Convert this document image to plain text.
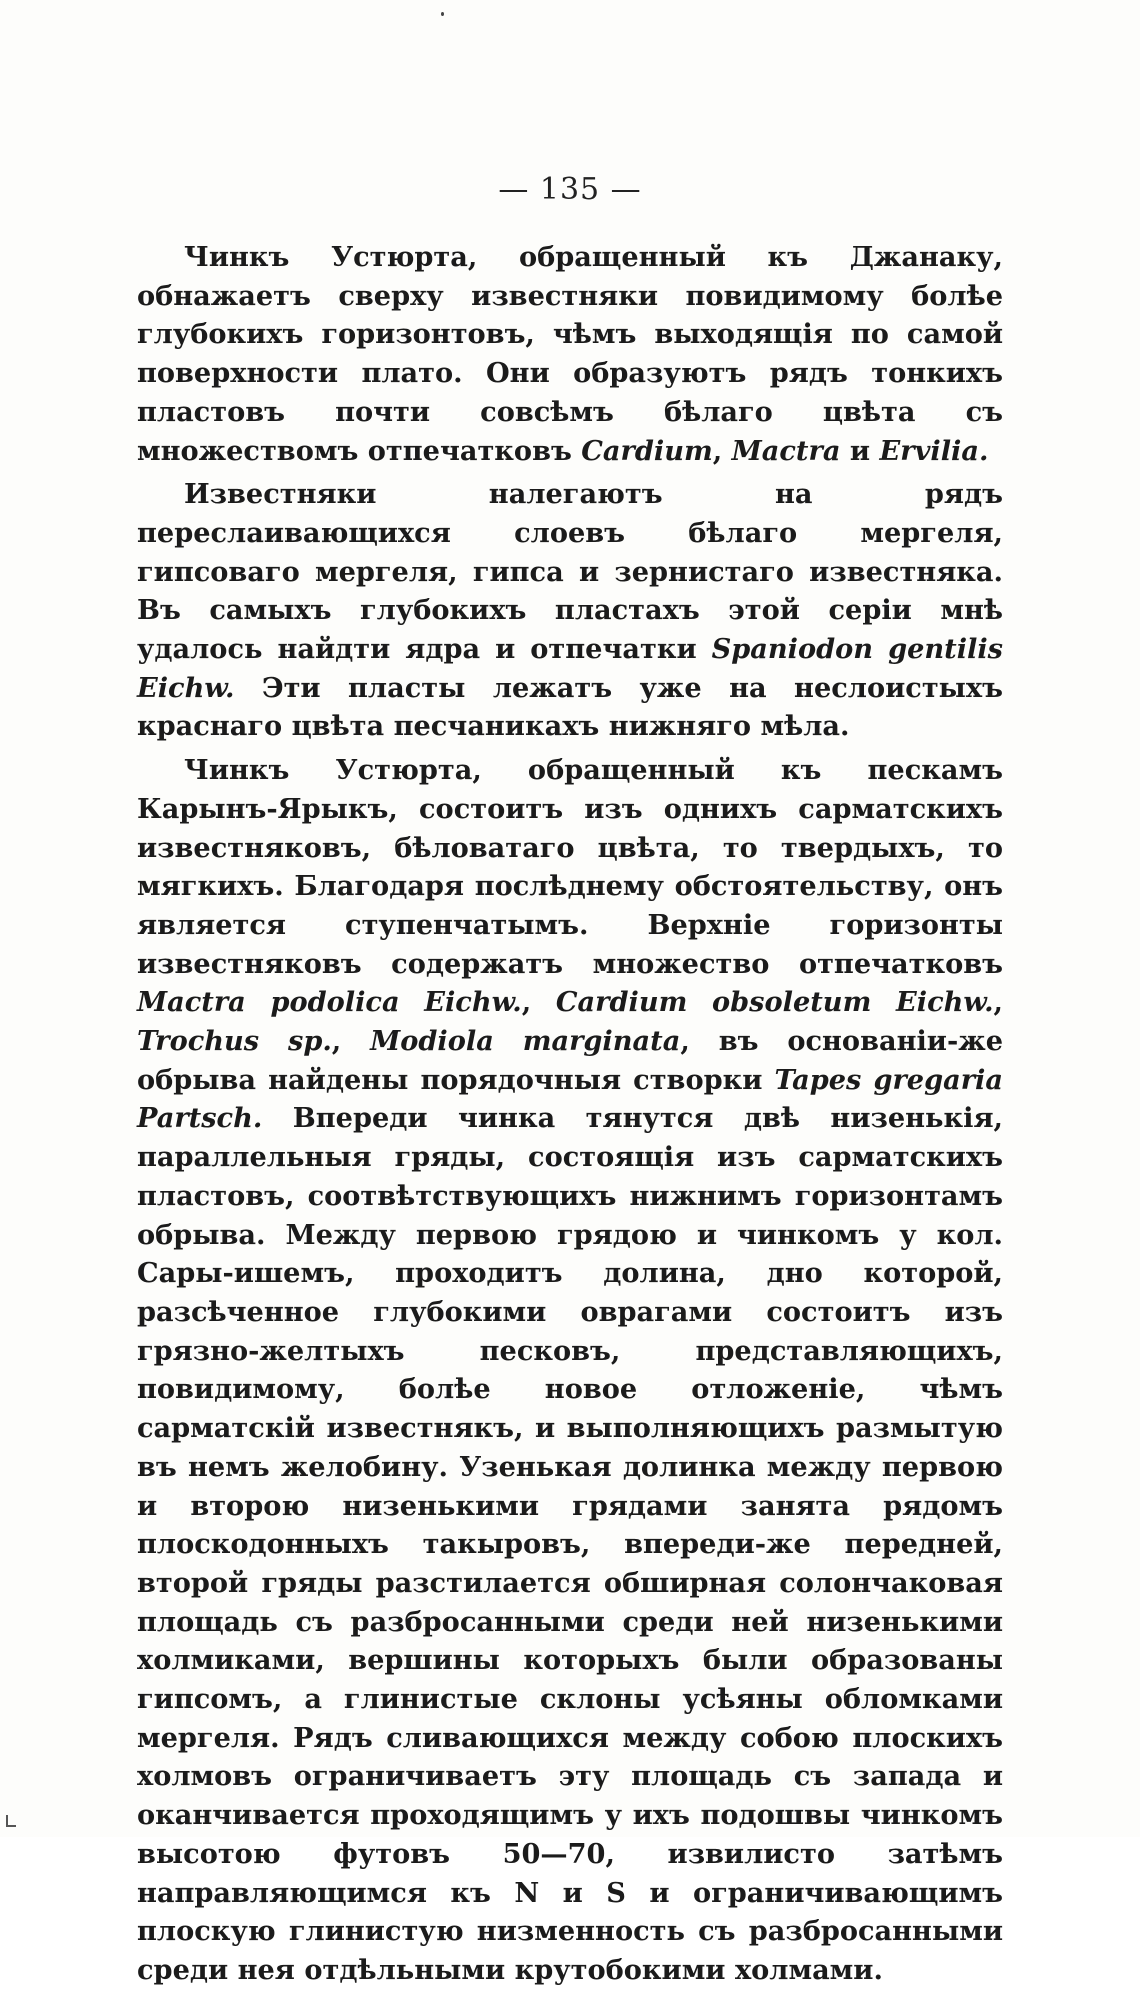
— 135 —

Чинкъ Устюрта, обращенный къ Джанаку, обнажаетъ сверху известняки повидимому болѣе глубокихъ горизонтовъ, чѣмъ выходящія по самой поверхности плато. Они образуютъ рядъ тонкихъ пластовъ почти совсѣмъ бѣлаго цвѣта съ множествомъ отпечатковъ Cardium, Mactra и Ervilia.

Известняки налегаютъ на рядъ переслаивающихся слоевъ бѣлаго мергеля, гипсоваго мергеля, гипса и зернистаго известняка. Въ самыхъ глубокихъ пластахъ этой серіи мнѣ удалось найдти ядра и отпечатки Spaniodon gentilis Eichw. Эти пласты лежатъ уже на неслоистыхъ краснаго цвѣта песчаникахъ нижняго мѣла.

Чинкъ Устюрта, обращенный къ пескамъ Карынъ-Ярыкъ, состоитъ изъ однихъ сарматскихъ известняковъ, бѣловатаго цвѣта, то твердыхъ, то мягкихъ. Благодаря послѣднему обстоятельству, онъ является ступенчатымъ. Верхніе горизонты известняковъ содержатъ множество отпечатковъ Mactra podolica Eichw., Cardium obsoletum Eichw., Trochus sp., Modiola marginata, въ основаніи-же обрыва найдены порядочныя створки Tapes gregaria Partsch. Впереди чинка тянутся двѣ низенькія, параллельныя гряды, состоящія изъ сарматскихъ пластовъ, соотвѣтствующихъ нижнимъ горизонтамъ обрыва. Между первою грядою и чинкомъ у кол. Сары-ишемъ, проходитъ долина, дно которой, разсѣченное глубокими оврагами состоитъ изъ грязно-желтыхъ песковъ, представляющихъ, повидимому, болѣе новое отложеніе, чѣмъ сарматскій известнякъ, и выполняющихъ размытую въ немъ желобину. Узенькая долинка между первою и второю низенькими грядами занята рядомъ плоскодонныхъ такыровъ, впереди-же передней, второй гряды разстилается обширная солончаковая площадь съ разбросанными среди ней низенькими холмиками, вершины которыхъ были образованы гипсомъ, а глинистые склоны усѣяны обломками мергеля. Рядъ сливающихся между собою плоскихъ холмовъ ограничиваетъ эту площадь съ запада и оканчивается проходящимъ у ихъ подошвы чинкомъ высотою футовъ 50—70, извилисто затѣмъ направляющимся къ N и S и ограничивающимъ плоскую глинистую низменность съ разбросанными среди нея отдѣльными крутобокими холмами.
